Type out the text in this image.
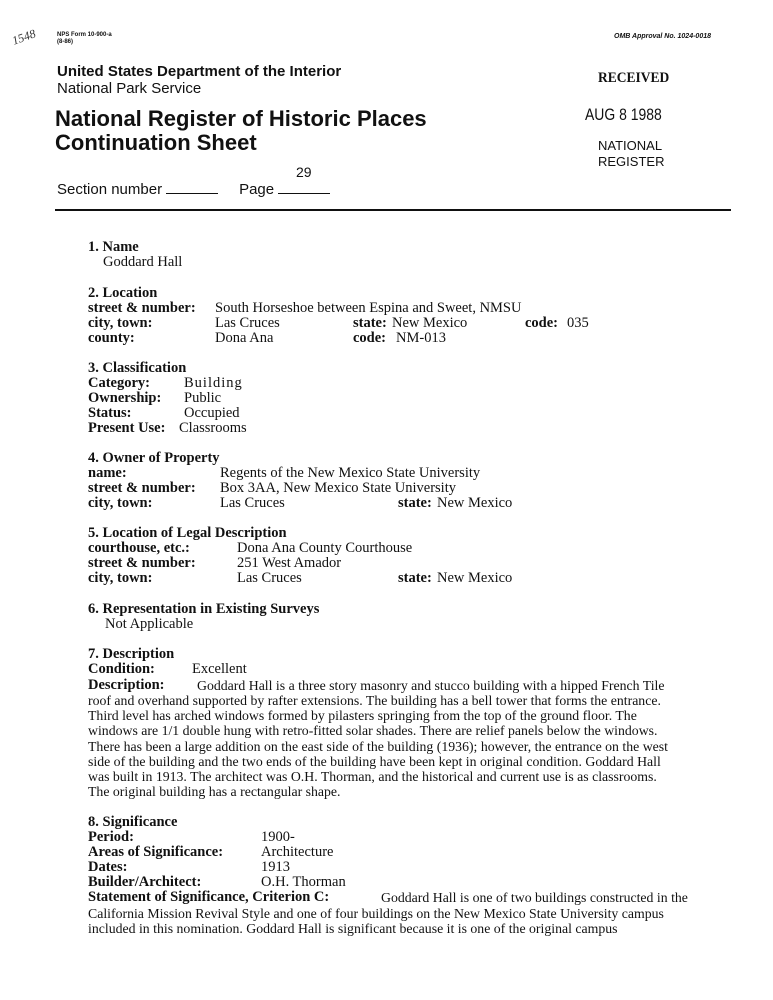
1548	NPS Form 10-900-a
(8-86)
OMB Approval No. 1024-0018
United States Department of the Interior
National Park Service
National Register of Historic Places
Continuation Sheet
RECEIVED
AUG 8 1988
NATIONAL
REGISTER
29
Section number	Page
1. Name
Goddard Hall
2. Location
street & number: South Horseshoe between Espina and Sweet, NMSU
city, town:	Las Cruces	state: New Mexico	code: 035
county:	Dona Ana	code: NM-013
3. Classification
Category: Building
Ownership: Public
Status:	Occupied
Present Use: Classrooms
4. Owner of Property
name:	Regents of the New Mexico State University
street & number: Box 3AA, New Mexico State University
city, town:	Las Cruces	state: New Mexico
5. Location of Legal Description
courthouse, etc.:	Dona Ana County Courthouse
street & number:	251 West Amador
city, town:	Las Cruces	state: New Mexico
6. Representation in Existing Surveys
Not Applicable
7. Description
Condition:	Excellent
Description: Goddard Hall is a three story masonry and stucco building with a hipped French Tile
roof and overhand supported by rafter extensions. The building has a bell tower that forms the entrance.
Third level has arched windows formed by pilasters springing from the top of the ground floor. The
windows are 1/1 double hung with retro-fitted solar shades. There are relief panels below the windows.
There has been a large addition on the east side of the building (1936); however, the entrance on the west
side of the building and the two ends of the building have been kept in original condition. Goddard Hall
was built in 1913. The architect was O.H. Thorman, and the historical and current use is as classrooms.
The original building has a rectangular shape.
8. Significance
Period:	1900-
Areas of Significance:	Architecture
Dates:	1913
Builder/Architect:	O.H. Thorman
Statement of Significance, Criterion C:	Goddard Hall is one of two buildings constructed in the
California Mission Revival Style and one of four buildings on the New Mexico State University campus
included in this nomination. Goddard Hall is significant because it is one of the original campus
